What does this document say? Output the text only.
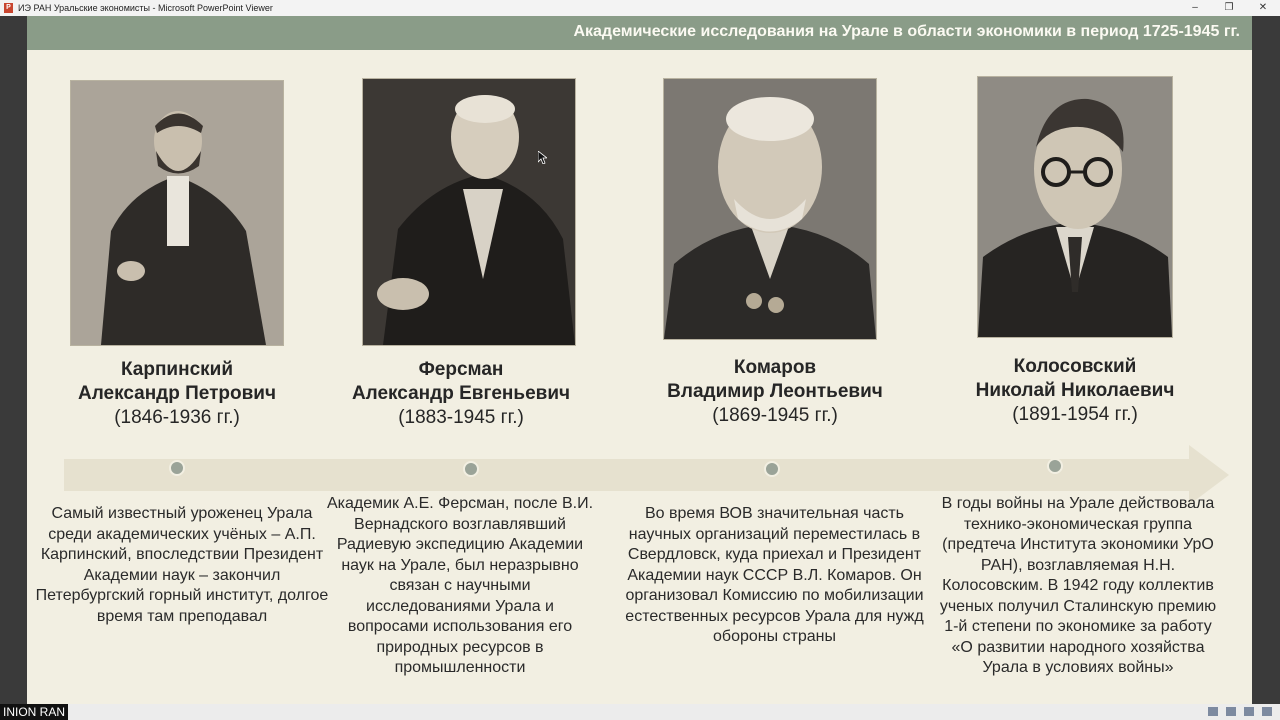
P ИЭ РАН Уральские экономисты - Microsoft PowerPoint Viewer	–	❐	✕
Академические исследования на Урале в области экономики в период 1725-1945 гг.
Карпинский
Александр Петрович
(1846-1936 гг.)
Ферсман
Александр Евгеньевич
(1883-1945 гг.)
Комаров
Владимир Леонтьевич
(1869-1945 гг.)
Колосовский
Николай Николаевич
(1891-1954 гг.)
Самый известный уроженец Урала среди академических учёных – А.П. Карпинский, впоследствии Президент Академии наук – закончил Петербургский горный институт, долгое время там преподавал
Академик А.Е. Ферсман, после В.И. Вернадского возглавлявший Радиевую экспедицию Академии наук на Урале, был неразрывно связан с научными исследованиями Урала и вопросами использования его природных ресурсов в промышленности
Во время ВОВ значительная часть научных организаций переместилась в Свердловск, куда приехал и Президент Академии наук СССР В.Л. Комаров. Он организовал Комиссию по мобилизации естественных ресурсов Урала для нужд обороны страны
В годы войны на Урале действовала технико-экономическая группа (предтеча Института экономики УрО РАН), возглавляемая Н.Н. Колосовским. В 1942 году коллектив ученых получил Сталинскую премию 1-й степени по экономике за работу «О развитии народного хозяйства Урала в условиях войны»
INION RAN
